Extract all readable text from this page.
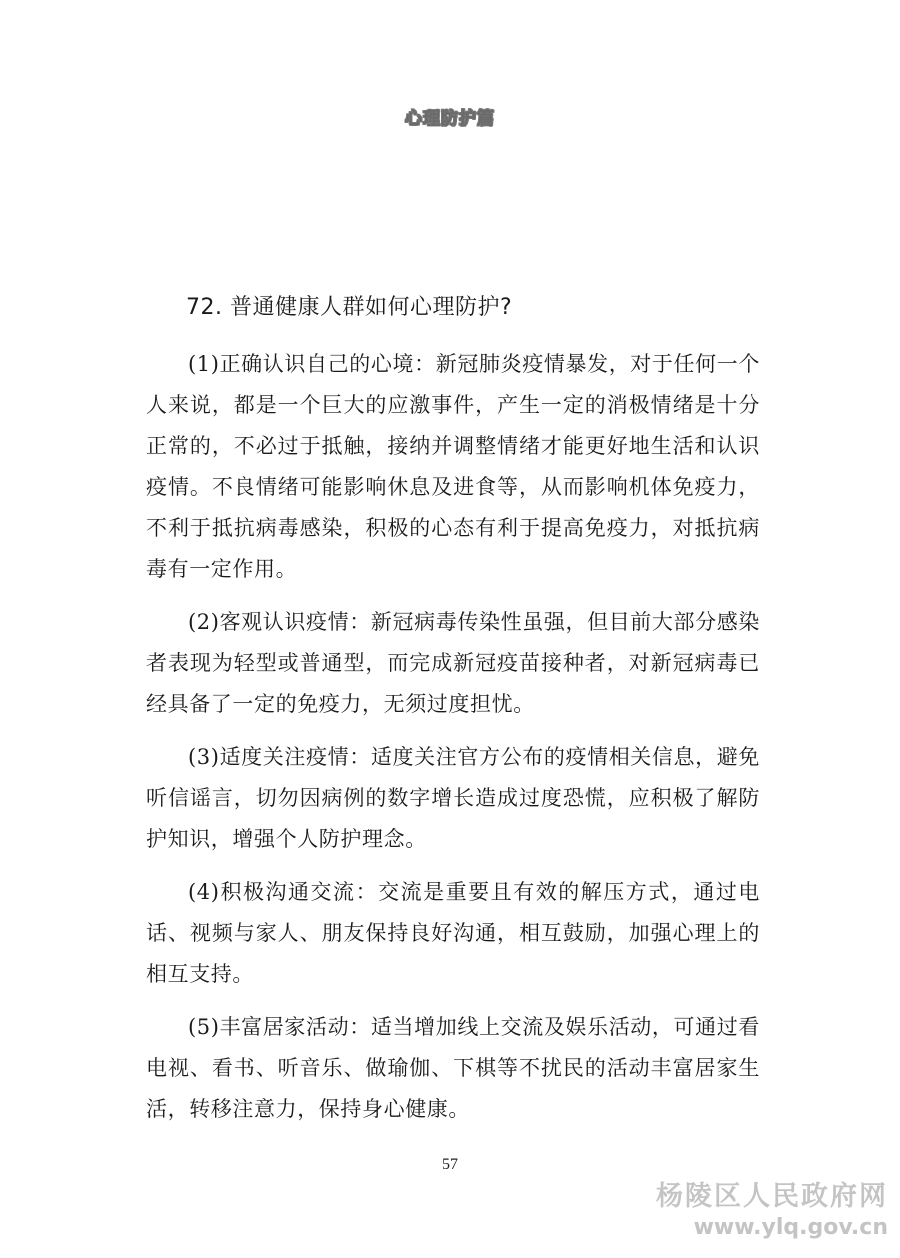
心理防护篇
72. 普通健康人群如何心理防护?

(1)正确认识自己的心境：新冠肺炎疫情暴发，对于任何一个人来说，都是一个巨大的应激事件，产生一定的消极情绪是十分正常的，不必过于抵触，接纳并调整情绪才能更好地生活和认识疫情。不良情绪可能影响休息及进食等，从而影响机体免疫力，不利于抵抗病毒感染，积极的心态有利于提高免疫力，对抵抗病毒有一定作用。

(2)客观认识疫情：新冠病毒传染性虽强，但目前大部分感染者表现为轻型或普通型，而完成新冠疫苗接种者，对新冠病毒已经具备了一定的免疫力，无须过度担忧。

(3)适度关注疫情：适度关注官方公布的疫情相关信息，避免听信谣言，切勿因病例的数字增长造成过度恐慌，应积极了解防护知识，增强个人防护理念。

(4)积极沟通交流：交流是重要且有效的解压方式，通过电话、视频与家人、朋友保持良好沟通，相互鼓励，加强心理上的相互支持。

(5)丰富居家活动：适当增加线上交流及娱乐活动，可通过看电视、看书、听音乐、做瑜伽、下棋等不扰民的活动丰富居家生活，转移注意力，保持身心健康。

57
杨陵区人民政府网
www.ylq.gov.cn
